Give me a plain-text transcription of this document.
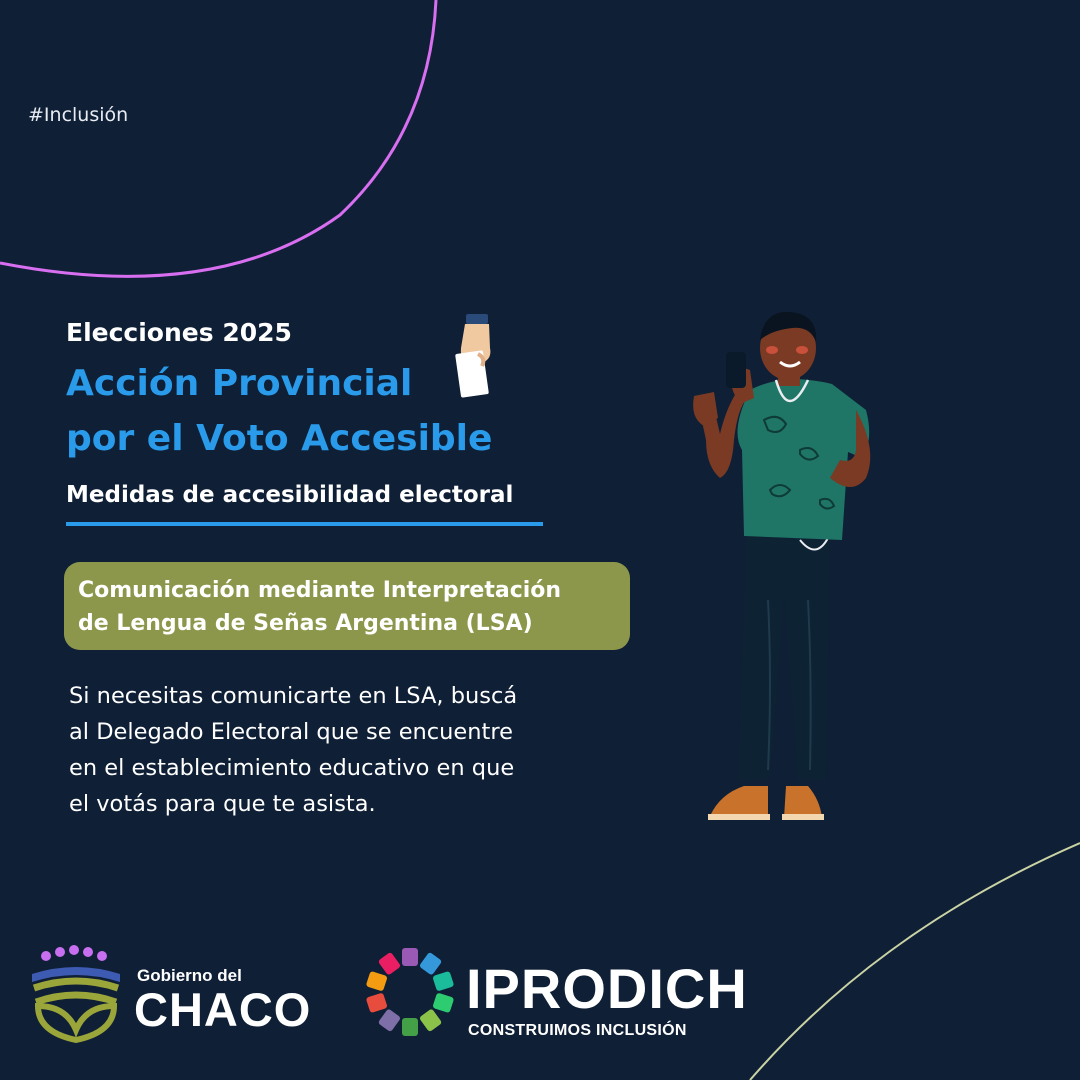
#Inclusión
Elecciones 2025
Acción Provincial
por el Voto Accesible
Medidas de accesibilidad electoral
Comunicación mediante Interpretación
de Lengua de Señas Argentina (LSA)
Si necesitas comunicarte en LSA, buscá
al Delegado Electoral que se encuentre
en el establecimiento educativo en que
el votás para que te asista.
Gobierno del
CHACO	IPRODICH
CONSTRUIMOS INCLUSIÓN
